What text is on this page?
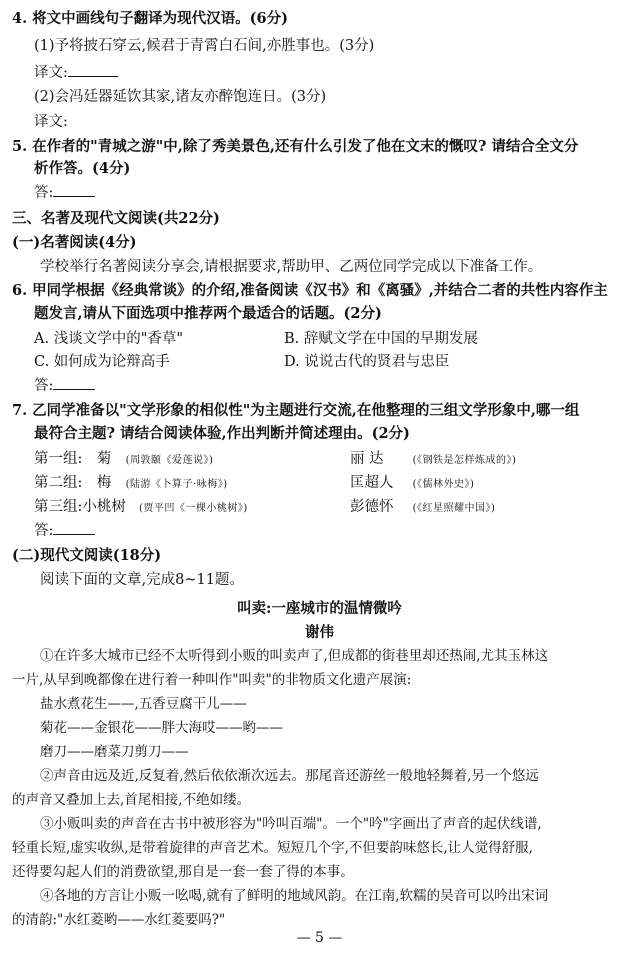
4. 将文中画线句子翻译为现代汉语。(6分)
(1)予将披石穿云,候君于青霄白石间,亦胜事也。(3分)
译文:
(2)会冯廷器延饮其家,诸友亦醉饱连日。(3分)
译文:
5. 在作者的"青城之游"中,除了秀美景色,还有什么引发了他在文末的慨叹? 请结合全文分
析作答。(4分)
答:
三、名著及现代文阅读(共22分)
(一)名著阅读(4分)
学校举行名著阅读分享会,请根据要求,帮助甲、乙两位同学完成以下准备工作。
6. 甲同学根据《经典常谈》的介绍,准备阅读《汉书》和《离骚》,并结合二者的共性内容作主
题发言,请从下面选项中推荐两个最适合的话题。(2分)
A. 浅谈文学中的"香草"	B. 辞赋文学在中国的早期发展
C. 如何成为论辩高手	D. 说说古代的贤君与忠臣
答:
7. 乙同学准备以"文学形象的相似性"为主题进行交流,在他整理的三组文学形象中,哪一组
最符合主题? 请结合阅读体验,作出判断并简述理由。(2分)
第一组: 菊 (周敦颐《爱莲说》)	丽 达	(《钢铁是怎样炼成的》)
第二组: 梅 (陆游《卜算子·咏梅》)	匡超人 (《儒林外史》)
第三组:小桃树 (贾平凹《一棵小桃树》)	彭德怀 (《红星照耀中国》)
答:
(二)现代文阅读(18分)
阅读下面的文章,完成8~11题。
叫卖:一座城市的温情微吟
谢伟
①在许多大城市已经不太听得到小贩的叫卖声了,但成都的街巷里却还热闹,尤其玉林这
一片,从早到晚都像在进行着一种叫作"叫卖"的非物质文化遗产展演:
盐水煮花生——,五香豆腐干儿——
菊花——金银花——胖大海哎——哟——
磨刀——磨菜刀剪刀——
②声音由远及近,反复着,然后依依渐次远去。那尾音还游丝一般地轻舞着,另一个悠远
的声音又叠加上去,首尾相接,不绝如缕。
③小贩叫卖的声音在古书中被形容为"吟叫百端"。一个"吟"字画出了声音的起伏线谱,
轻重长短,虚实收纵,是带着旋律的声音艺术。短短几个字,不但要韵味悠长,让人觉得舒服,
还得要勾起人们的消费欲望,那自是一套一套了得的本事。
④各地的方言让小贩一吆喝,就有了鲜明的地域风韵。在江南,软糯的吴音可以吟出宋词
的清韵:"水红菱哟——水红菱要吗?"
— 5 —
